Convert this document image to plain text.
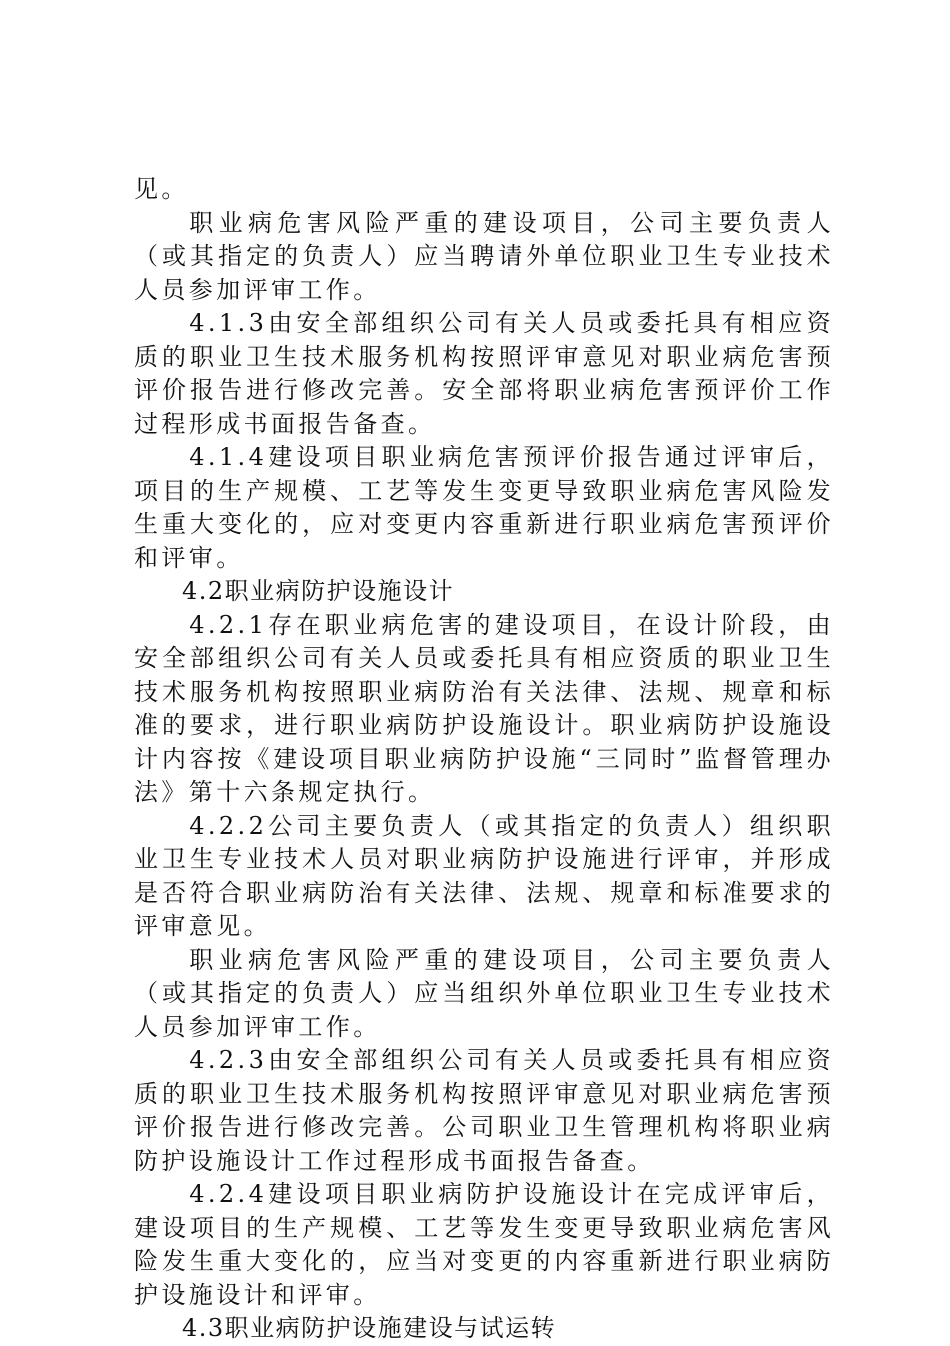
见。

职业病危害风险严重的建设项目，公司主要负责人（或其指定的负责人）应当聘请外单位职业卫生专业技术人员参加评审工作。

4.1.3由安全部组织公司有关人员或委托具有相应资质的职业卫生技术服务机构按照评审意见对职业病危害预评价报告进行修改完善。安全部将职业病危害预评价工作过程形成书面报告备查。

4.1.4建设项目职业病危害预评价报告通过评审后，项目的生产规模、工艺等发生变更导致职业病危害风险发生重大变化的，应对变更内容重新进行职业病危害预评价和评审。

4.2职业病防护设施设计

4.2.1存在职业病危害的建设项目，在设计阶段，由安全部组织公司有关人员或委托具有相应资质的职业卫生技术服务机构按照职业病防治有关法律、法规、规章和标准的要求，进行职业病防护设施设计。职业病防护设施设计内容按《建设项目职业病防护设施“三同时”监督管理办法》第十六条规定执行。

4.2.2公司主要负责人（或其指定的负责人）组织职业卫生专业技术人员对职业病防护设施进行评审，并形成是否符合职业病防治有关法律、法规、规章和标准要求的评审意见。

职业病危害风险严重的建设项目，公司主要负责人（或其指定的负责人）应当组织外单位职业卫生专业技术人员参加评审工作。

4.2.3由安全部组织公司有关人员或委托具有相应资质的职业卫生技术服务机构按照评审意见对职业病危害预评价报告进行修改完善。公司职业卫生管理机构将职业病防护设施设计工作过程形成书面报告备查。

4.2.4建设项目职业病防护设施设计在完成评审后，建设项目的生产规模、工艺等发生变更导致职业病危害风险发生重大变化的，应当对变更的内容重新进行职业病防护设施设计和评审。

4.3职业病防护设施建设与试运转
